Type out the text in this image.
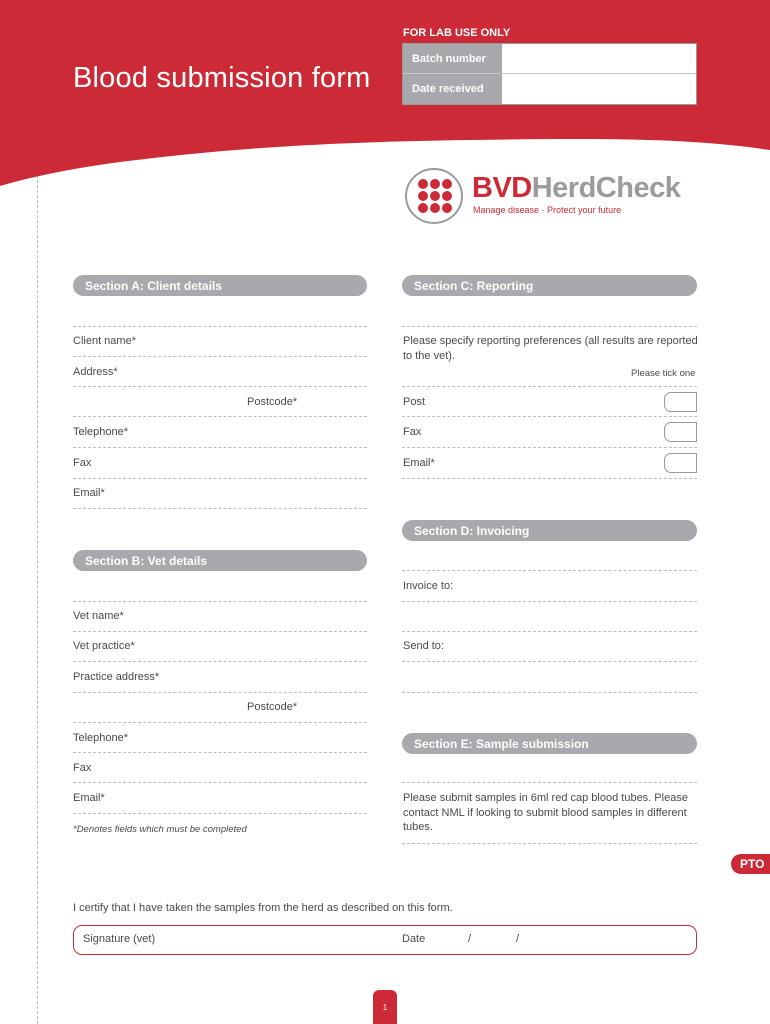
Blood submission form
FOR LAB USE ONLY
Batch number
Date received
BVDHerdCheck
Manage disease · Protect your future
Section A: Client details
Client name*
Address*
Postcode*
Telephone*
Fax
Email*
Section B: Vet details
Vet name*
Vet practice*
Practice address*
Postcode*
Telephone*
Fax
Email*
*Denotes fields which must be completed
Section C: Reporting
Please specify reporting preferences (all results are reported to the vet).
Please tick one
Post
Fax
Email*
Section D: Invoicing
Invoice to:
Send to:
Section E: Sample submission
Please submit samples in 6ml red cap blood tubes. Please contact NML if looking to submit blood samples in different tubes.
PTO
I certify that I have taken the samples from the herd as described on this form.
Signature (vet)	Date	/	/
1
